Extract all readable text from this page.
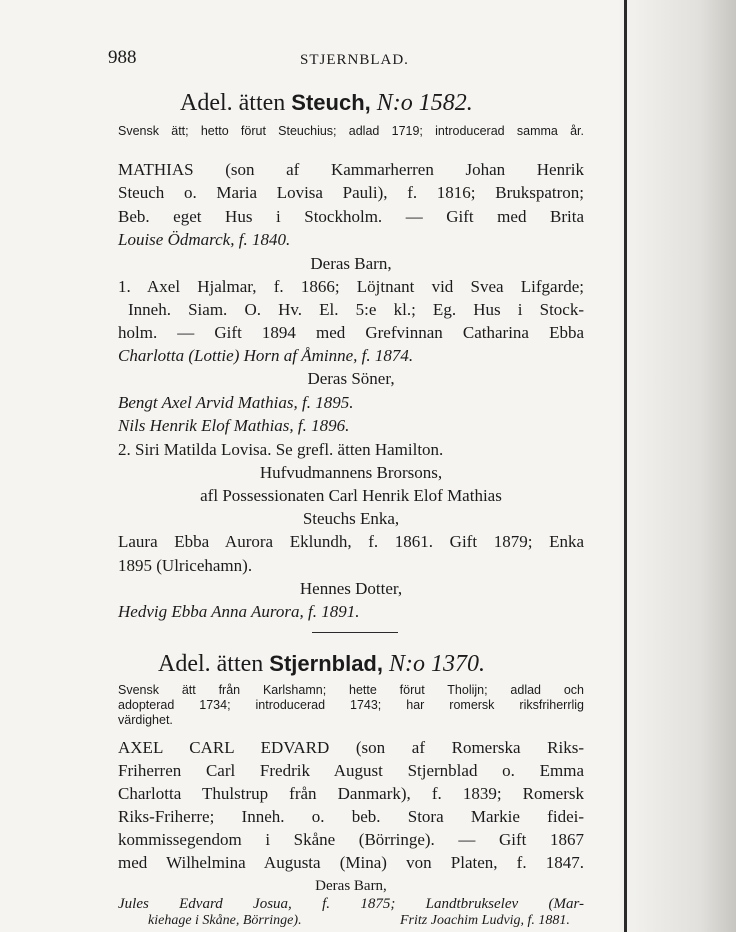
988	STJERNBLAD.
Adel. ätten Steuch, N:o 1582.
Svensk ätt; hetto förut Steuchius; adlad 1719; introducerad samma år.
MATHIAS (son af Kammarherren Johan Henrik
Steuch o. Maria Lovisa Pauli), f. 1816; Brukspatron;
Beb. eget Hus i Stockholm. — Gift med Brita
Louise Ödmarck, f. 1840.
Deras Barn,
1. Axel Hjalmar, f. 1866; Löjtnant vid Svea Lifgarde;
Inneh. Siam. O. Hv. El. 5:e kl.; Eg. Hus i Stock-
holm. — Gift 1894 med Grefvinnan Catharina Ebba
Charlotta (Lottie) Horn af Åminne, f. 1874.
Deras Söner,
Bengt Axel Arvid Mathias, f. 1895.
Nils Henrik Elof Mathias, f. 1896.
2. Siri Matilda Lovisa. Se grefl. ätten Hamilton.
Hufvudmannens Brorsons,
afl Possessionaten Carl Henrik Elof Mathias
Steuchs Enka,
Laura Ebba Aurora Eklundh, f. 1861. Gift 1879; Enka
1895 (Ulricehamn).
Hennes Dotter,
Hedvig Ebba Anna Aurora, f. 1891.
Adel. ätten Stjernblad, N:o 1370.
Svensk ätt från Karlshamn; hette förut Tholijn; adlad och
adopterad 1734; introducerad 1743; har romersk riksfriherrlig
värdighet.
AXEL CARL EDVARD (son af Romerska Riks-
Friherren Carl Fredrik August Stjernblad o. Emma
Charlotta Thulstrup från Danmark), f. 1839; Romersk
Riks-Friherre; Inneh. o. beb. Stora Markie fidei-
kommissegendom i Skåne (Börringe). — Gift 1867
med Wilhelmina Augusta (Mina) von Platen, f. 1847.
Deras Barn,
Jules Edvard Josua, f. 1875; Landtbrukselev (Mar-
kiehage i Skåne, Börringe).	Fritz Joachim Ludvig, f. 1881.
